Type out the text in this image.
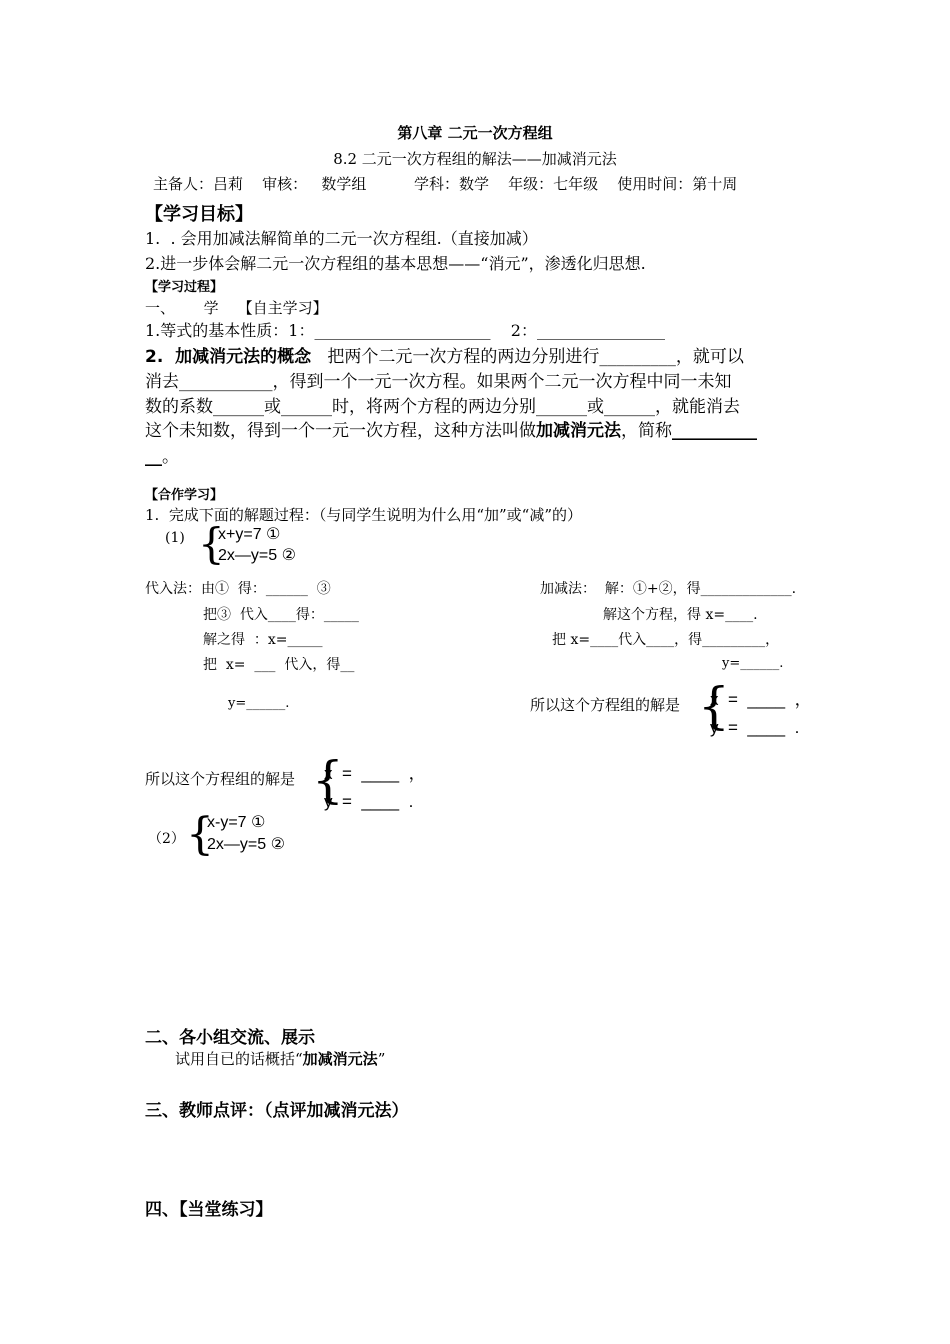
第八章 二元一次方程组
8.2 二元一次方程组的解法——加减消元法
主备人：吕莉    审核：   数学组          学科：数学    年级：七年级    使用时间：第十周
【学习目标】
1.  . 会用加减法解简单的二元一次方程组.（直接加减）
2.进一步体会解二元一次方程组的基本思想——“消元”，渗透化归思想.
【学习过程】
一、      学    【自主学习】
1.等式的基本性质：1：______________________    2：________________
2.  加减消元法的概念   把两个二元一次方程的两边分别进行_________，就可以
消去___________，得到一个一元一次方程。如果两个二元一次方程中同一未知
数的系数______或______时，将两个方程的两边分别______或______，就能消去
这个未知数，得到一个一元一次方程，这种方法叫做加减消元法，简称__________
__。
【合作学习】
1.  完成下面的解题过程：（与同学生说明为什么用“加”或“减”的）
(1) {
x+y=7 ①
2x—y=5 ②
代入法：由①  得：______  ③
把③  代入____得：_____
解之得  ：x=_____
把  x=  ___  代入，得__
y=______.
加减法：  解：①+②，得_____________.
解这个方程，得 x=____.
把 x=____代入____，得_________，
y=______.
所以这个方程组的解是 {
x  =  ____  ，
y  =  ____  .
所以这个方程组的解是 {
x  =  ____  ，
y  =  ____  .
（2） {
x-y=7 ①
2x—y=5 ②
二、各小组交流、展示
试用自已的话概括“加减消元法”
三、教师点评：（点评加减消元法）
四、【当堂练习】
